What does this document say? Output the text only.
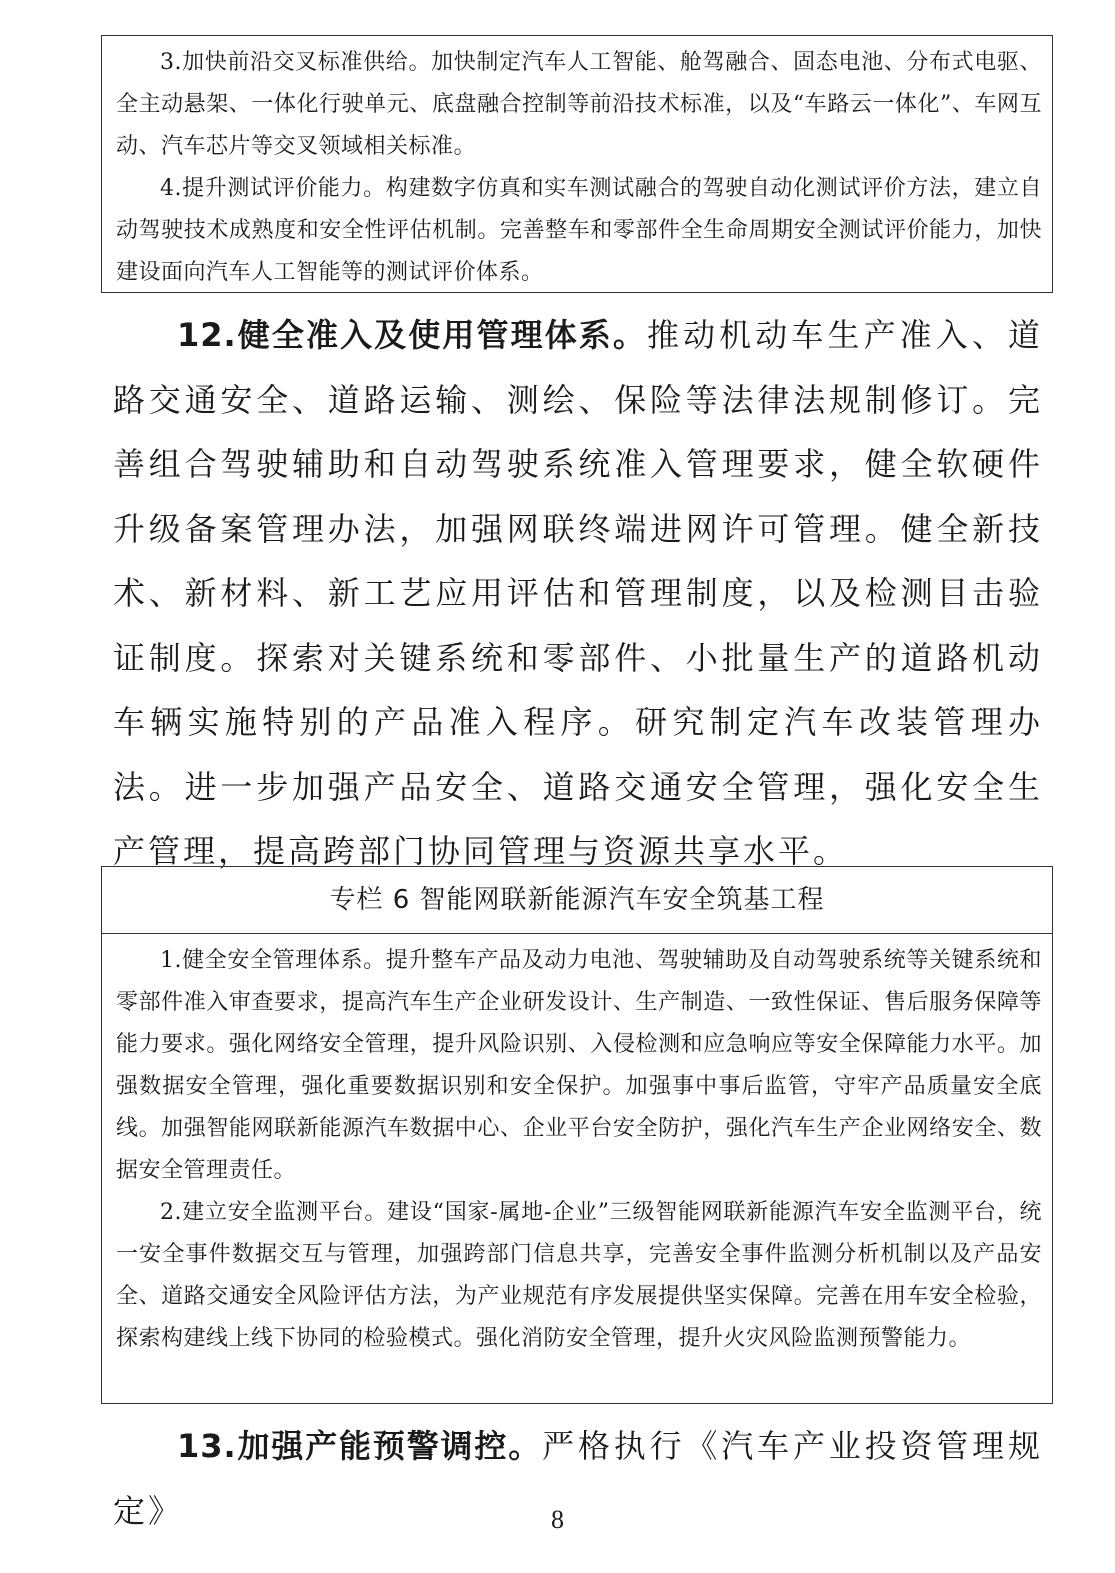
3.加快前沿交叉标准供给。加快制定汽车人工智能、舱驾融合、固态电池、分布式电驱、全主动悬架、一体化行驶单元、底盘融合控制等前沿技术标准，以及“车路云一体化”、车网互动、汽车芯片等交叉领域相关标准。

4.提升测试评价能力。构建数字仿真和实车测试融合的驾驶自动化测试评价方法，建立自动驾驶技术成熟度和安全性评估机制。完善整车和零部件全生命周期安全测试评价能力，加快建设面向汽车人工智能等的测试评价体系。

12.健全准入及使用管理体系。推动机动车生产准入、道路交通安全、道路运输、测绘、保险等法律法规制修订。完善组合驾驶辅助和自动驾驶系统准入管理要求，健全软硬件升级备案管理办法，加强网联终端进网许可管理。健全新技术、新材料、新工艺应用评估和管理制度，以及检测目击验证制度。探索对关键系统和零部件、小批量生产的道路机动车辆实施特别的产品准入程序。研究制定汽车改装管理办法。进一步加强产品安全、道路交通安全管理，强化安全生产管理，提高跨部门协同管理与资源共享水平。

专栏 6 智能网联新能源汽车安全筑基工程

1.健全安全管理体系。提升整车产品及动力电池、驾驶辅助及自动驾驶系统等关键系统和零部件准入审查要求，提高汽车生产企业研发设计、生产制造、一致性保证、售后服务保障等能力要求。强化网络安全管理，提升风险识别、入侵检测和应急响应等安全保障能力水平。加强数据安全管理，强化重要数据识别和安全保护。加强事中事后监管，守牢产品质量安全底线。加强智能网联新能源汽车数据中心、企业平台安全防护，强化汽车生产企业网络安全、数据安全管理责任。

2.建立安全监测平台。建设“国家-属地-企业”三级智能网联新能源汽车安全监测平台，统一安全事件数据交互与管理，加强跨部门信息共享，完善安全事件监测分析机制以及产品安全、道路交通安全风险评估方法，为产业规范有序发展提供坚实保障。完善在用车安全检验，探索构建线上线下协同的检验模式。强化消防安全管理，提升火灾风险监测预警能力。

13.加强产能预警调控。严格执行《汽车产业投资管理规定》	8
